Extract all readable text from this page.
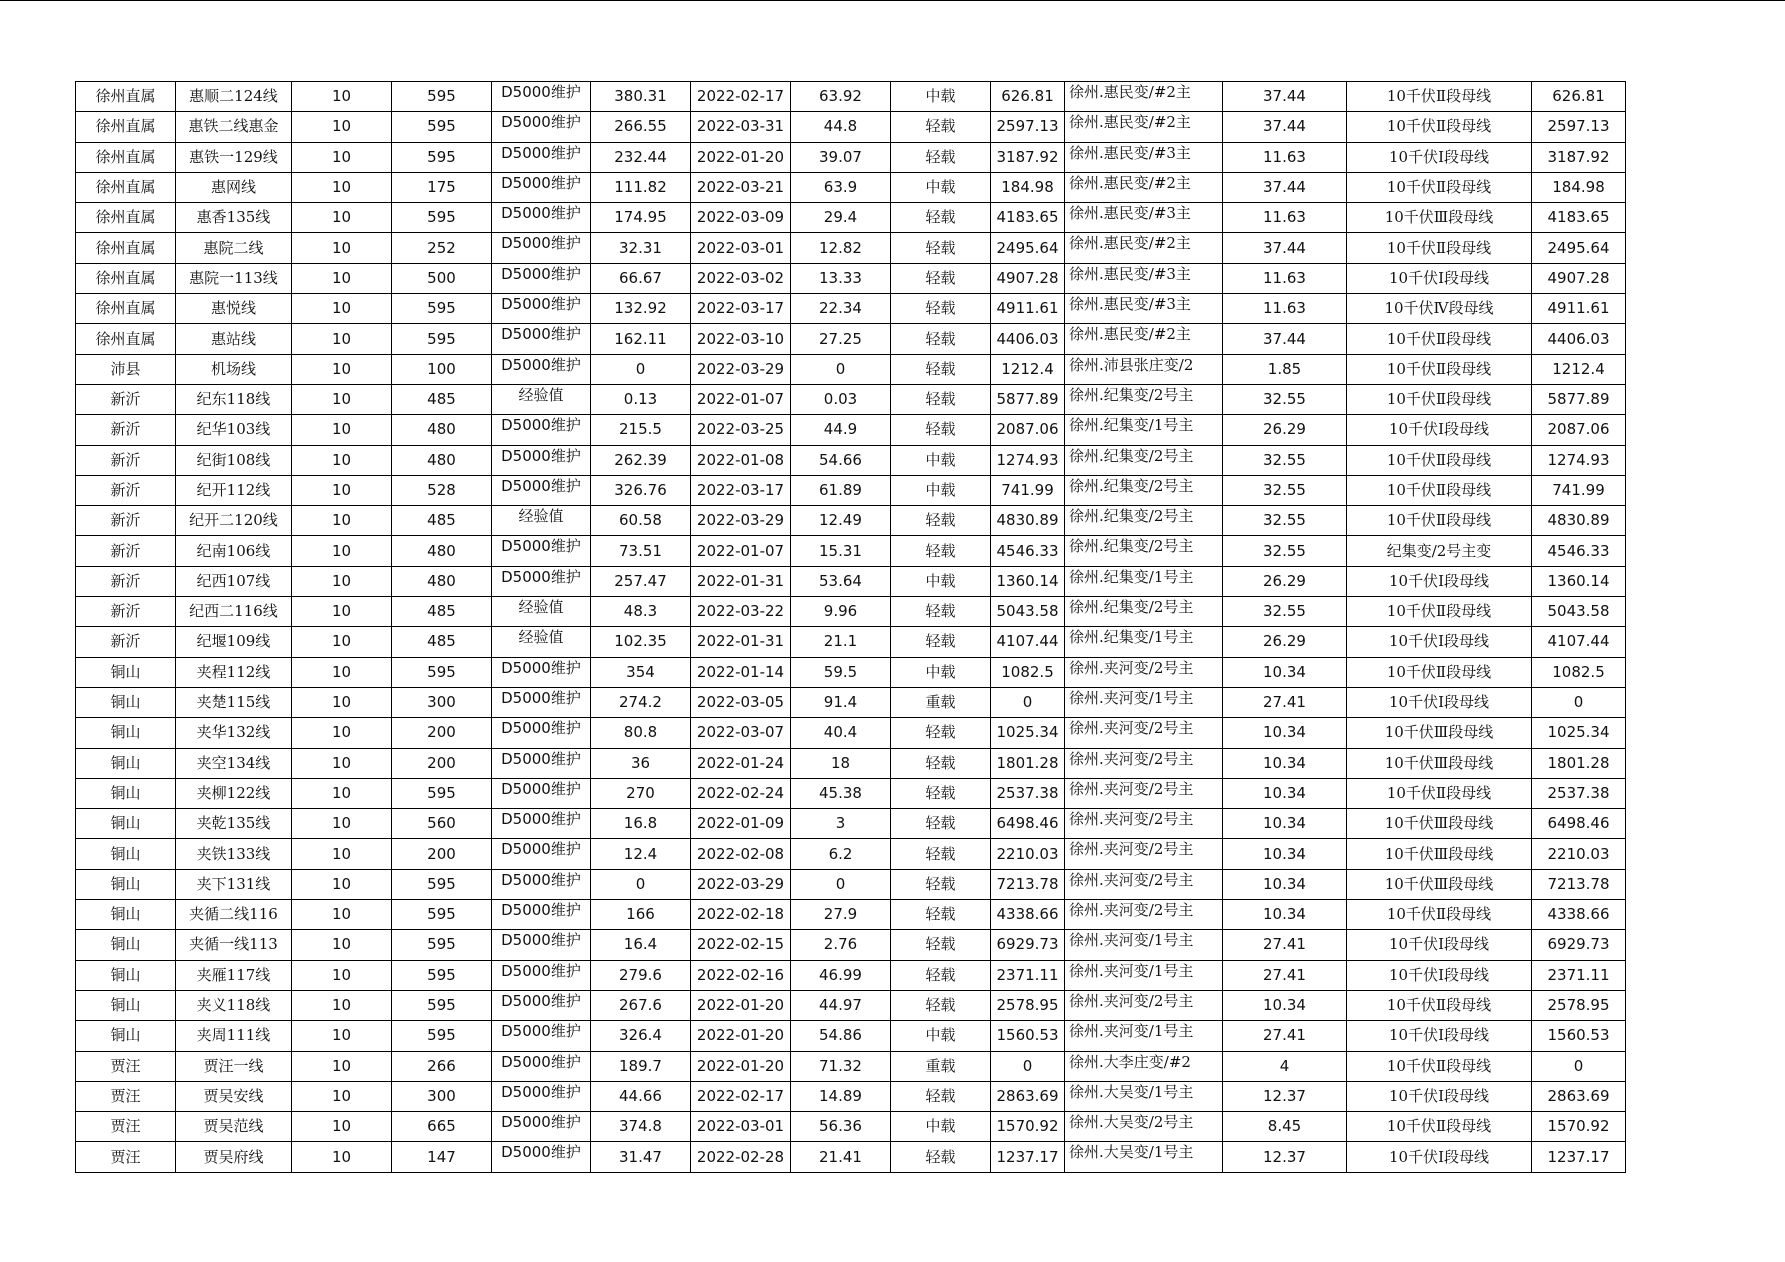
徐州直属	惠顺二124线	10	595	D5000维护	380.31	2022-02-17	63.92	中载	626.81	徐州.惠民变/#2主	37.44	10千伏Ⅱ段母线	626.81
徐州直属	惠铁二线惠金	10	595	D5000维护	266.55	2022-03-31	44.8	轻载	2597.13	徐州.惠民变/#2主	37.44	10千伏Ⅱ段母线	2597.13
徐州直属	惠铁一129线	10	595	D5000维护	232.44	2022-01-20	39.07	轻载	3187.92	徐州.惠民变/#3主	11.63	10千伏Ⅰ段母线	3187.92
徐州直属	惠网线	10	175	D5000维护	111.82	2022-03-21	63.9	中载	184.98	徐州.惠民变/#2主	37.44	10千伏Ⅱ段母线	184.98
徐州直属	惠香135线	10	595	D5000维护	174.95	2022-03-09	29.4	轻载	4183.65	徐州.惠民变/#3主	11.63	10千伏Ⅲ段母线	4183.65
徐州直属	惠院二线	10	252	D5000维护	32.31	2022-03-01	12.82	轻载	2495.64	徐州.惠民变/#2主	37.44	10千伏Ⅱ段母线	2495.64
徐州直属	惠院一113线	10	500	D5000维护	66.67	2022-03-02	13.33	轻载	4907.28	徐州.惠民变/#3主	11.63	10千伏Ⅰ段母线	4907.28
徐州直属	惠悦线	10	595	D5000维护	132.92	2022-03-17	22.34	轻载	4911.61	徐州.惠民变/#3主	11.63	10千伏Ⅳ段母线	4911.61
徐州直属	惠站线	10	595	D5000维护	162.11	2022-03-10	27.25	轻载	4406.03	徐州.惠民变/#2主	37.44	10千伏Ⅱ段母线	4406.03
沛县	机场线	10	100	D5000维护	0	2022-03-29	0	轻载	1212.4	徐州.沛县张庄变/2	1.85	10千伏Ⅱ段母线	1212.4
新沂	纪东118线	10	485	经验值	0.13	2022-01-07	0.03	轻载	5877.89	徐州.纪集变/2号主	32.55	10千伏Ⅱ段母线	5877.89
新沂	纪华103线	10	480	D5000维护	215.5	2022-03-25	44.9	轻载	2087.06	徐州.纪集变/1号主	26.29	10千伏Ⅰ段母线	2087.06
新沂	纪街108线	10	480	D5000维护	262.39	2022-01-08	54.66	中载	1274.93	徐州.纪集变/2号主	32.55	10千伏Ⅱ段母线	1274.93
新沂	纪开112线	10	528	D5000维护	326.76	2022-03-17	61.89	中载	741.99	徐州.纪集变/2号主	32.55	10千伏Ⅱ段母线	741.99
新沂	纪开二120线	10	485	经验值	60.58	2022-03-29	12.49	轻载	4830.89	徐州.纪集变/2号主	32.55	10千伏Ⅱ段母线	4830.89
新沂	纪南106线	10	480	D5000维护	73.51	2022-01-07	15.31	轻载	4546.33	徐州.纪集变/2号主	32.55	纪集变/2号主变	4546.33
新沂	纪西107线	10	480	D5000维护	257.47	2022-01-31	53.64	中载	1360.14	徐州.纪集变/1号主	26.29	10千伏Ⅰ段母线	1360.14
新沂	纪西二116线	10	485	经验值	48.3	2022-03-22	9.96	轻载	5043.58	徐州.纪集变/2号主	32.55	10千伏Ⅱ段母线	5043.58
新沂	纪堰109线	10	485	经验值	102.35	2022-01-31	21.1	轻载	4107.44	徐州.纪集变/1号主	26.29	10千伏Ⅰ段母线	4107.44
铜山	夹程112线	10	595	D5000维护	354	2022-01-14	59.5	中载	1082.5	徐州.夹河变/2号主	10.34	10千伏Ⅱ段母线	1082.5
铜山	夹楚115线	10	300	D5000维护	274.2	2022-03-05	91.4	重载	0	徐州.夹河变/1号主	27.41	10千伏Ⅰ段母线	0
铜山	夹华132线	10	200	D5000维护	80.8	2022-03-07	40.4	轻载	1025.34	徐州.夹河变/2号主	10.34	10千伏Ⅲ段母线	1025.34
铜山	夹空134线	10	200	D5000维护	36	2022-01-24	18	轻载	1801.28	徐州.夹河变/2号主	10.34	10千伏Ⅲ段母线	1801.28
铜山	夹柳122线	10	595	D5000维护	270	2022-02-24	45.38	轻载	2537.38	徐州.夹河变/2号主	10.34	10千伏Ⅱ段母线	2537.38
铜山	夹乾135线	10	560	D5000维护	16.8	2022-01-09	3	轻载	6498.46	徐州.夹河变/2号主	10.34	10千伏Ⅲ段母线	6498.46
铜山	夹铁133线	10	200	D5000维护	12.4	2022-02-08	6.2	轻载	2210.03	徐州.夹河变/2号主	10.34	10千伏Ⅲ段母线	2210.03
铜山	夹下131线	10	595	D5000维护	0	2022-03-29	0	轻载	7213.78	徐州.夹河变/2号主	10.34	10千伏Ⅲ段母线	7213.78
铜山	夹循二线116	10	595	D5000维护	166	2022-02-18	27.9	轻载	4338.66	徐州.夹河变/2号主	10.34	10千伏Ⅱ段母线	4338.66
铜山	夹循一线113	10	595	D5000维护	16.4	2022-02-15	2.76	轻载	6929.73	徐州.夹河变/1号主	27.41	10千伏Ⅰ段母线	6929.73
铜山	夹雁117线	10	595	D5000维护	279.6	2022-02-16	46.99	轻载	2371.11	徐州.夹河变/1号主	27.41	10千伏Ⅰ段母线	2371.11
铜山	夹义118线	10	595	D5000维护	267.6	2022-01-20	44.97	轻载	2578.95	徐州.夹河变/2号主	10.34	10千伏Ⅱ段母线	2578.95
铜山	夹周111线	10	595	D5000维护	326.4	2022-01-20	54.86	中载	1560.53	徐州.夹河变/1号主	27.41	10千伏Ⅰ段母线	1560.53
贾汪	贾汪一线	10	266	D5000维护	189.7	2022-01-20	71.32	重载	0	徐州.大李庄变/#2	4	10千伏Ⅱ段母线	0
贾汪	贾吴安线	10	300	D5000维护	44.66	2022-02-17	14.89	轻载	2863.69	徐州.大吴变/1号主	12.37	10千伏Ⅰ段母线	2863.69
贾汪	贾吴范线	10	665	D5000维护	374.8	2022-03-01	56.36	中载	1570.92	徐州.大吴变/2号主	8.45	10千伏Ⅱ段母线	1570.92
贾汪	贾吴府线	10	147	D5000维护	31.47	2022-02-28	21.41	轻载	1237.17	徐州.大吴变/1号主	12.37	10千伏Ⅰ段母线	1237.17
